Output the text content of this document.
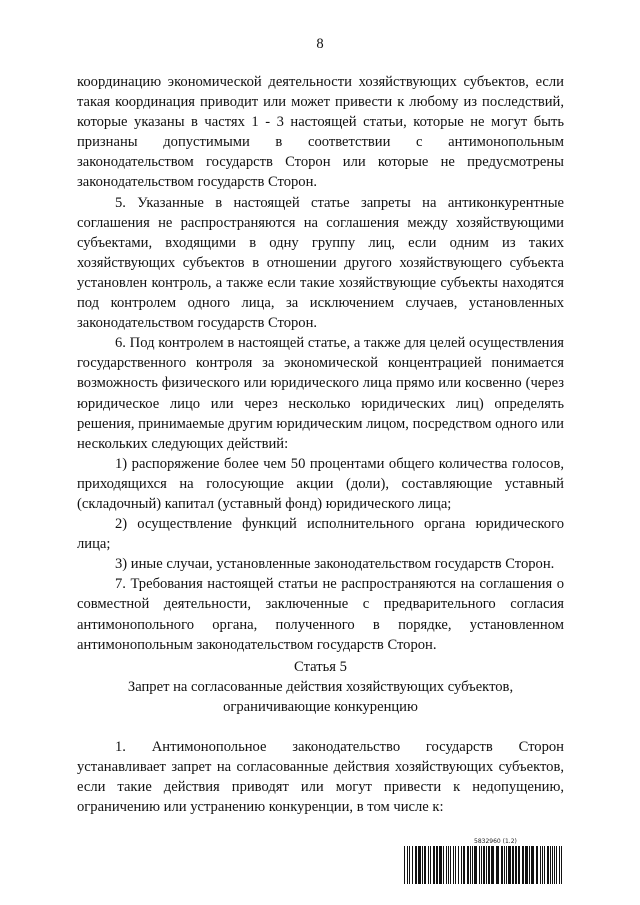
8

координацию экономической деятельности хозяйствующих субъектов, если такая координация приводит или может привести к любому из последствий, которые указаны в частях 1 - 3 настоящей статьи, которые не могут быть признаны допустимыми в соответствии с антимонопольным законодательством государств Сторон или которые не предусмотрены законодательством государств Сторон.

5. Указанные в настоящей статье запреты на антиконкурентные соглашения не распространяются на соглашения между хозяйствующими субъектами, входящими в одну группу лиц, если одним из таких хозяйствующих субъектов в отношении другого хозяйствующего субъекта установлен контроль, а также если такие хозяйствующие субъекты находятся под контролем одного лица, за исключением случаев, установленных законодательством государств Сторон.

6. Под контролем в настоящей статье, а также для целей осуществления государственного контроля за экономической концентрацией понимается возможность физического или юридического лица прямо или косвенно (через юридическое лицо или через несколько юридических лиц) определять решения, принимаемые другим юридическим лицом, посредством одного или нескольких следующих действий:

1) распоряжение более чем 50 процентами общего количества голосов, приходящихся на голосующие акции (доли), составляющие уставный (складочный) капитал (уставный фонд) юридического лица;

2) осуществление функций исполнительного органа юридического лица;

3) иные случаи, установленные законодательством государств Сторон.

7. Требования настоящей статьи не распространяются на соглашения о совместной деятельности, заключенные с предварительного согласия антимонопольного органа, полученного в порядке, установленном антимонопольным законодательством государств Сторон.

Статья 5
Запрет на согласованные действия хозяйствующих субъектов,
ограничивающие конкуренцию

1. Антимонопольное законодательство государств Сторон устанавливает запрет на согласованные действия хозяйствующих субъектов, если такие действия приводят или могут привести к недопущению, ограничению или устранению конкуренции, в том числе к:

5832960 (1.2)
